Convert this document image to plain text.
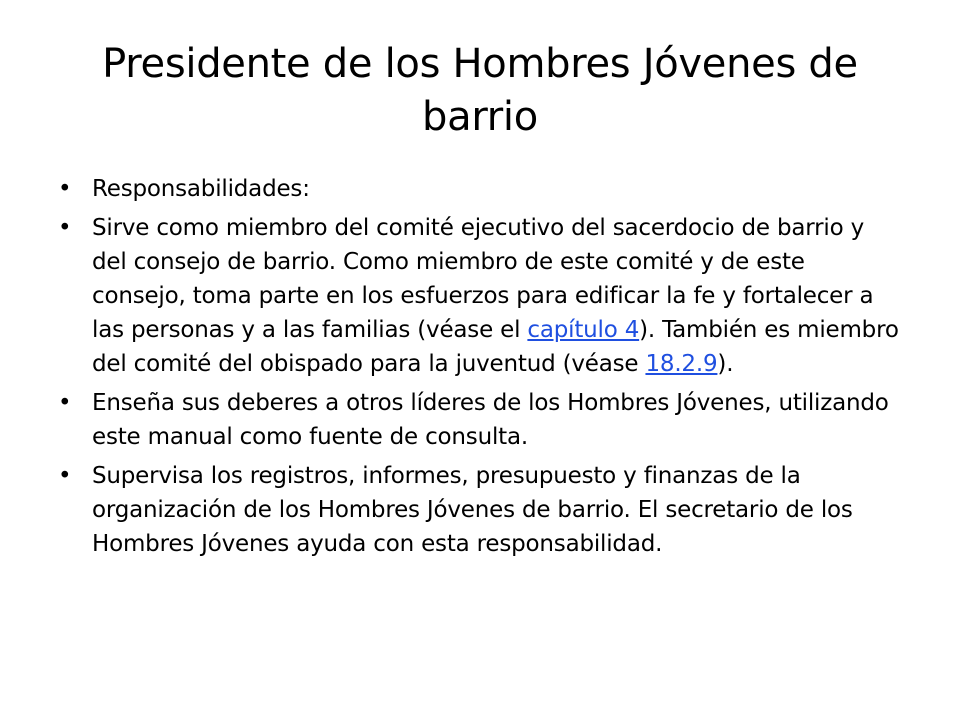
Presidente de los Hombres Jóvenes de barrio
• Responsabilidades:
• Sirve como miembro del comité ejecutivo del sacerdocio de barrio y del consejo de barrio. Como miembro de este comité y de este consejo, toma parte en los esfuerzos para edificar la fe y fortalecer a las personas y a las familias (véase el capítulo 4). También es miembro del comité del obispado para la juventud (véase 18.2.9).
• Enseña sus deberes a otros líderes de los Hombres Jóvenes, utilizando este manual como fuente de consulta.
• Supervisa los registros, informes, presupuesto y finanzas de la organización de los Hombres Jóvenes de barrio. El secretario de los Hombres Jóvenes ayuda con esta responsabilidad.
